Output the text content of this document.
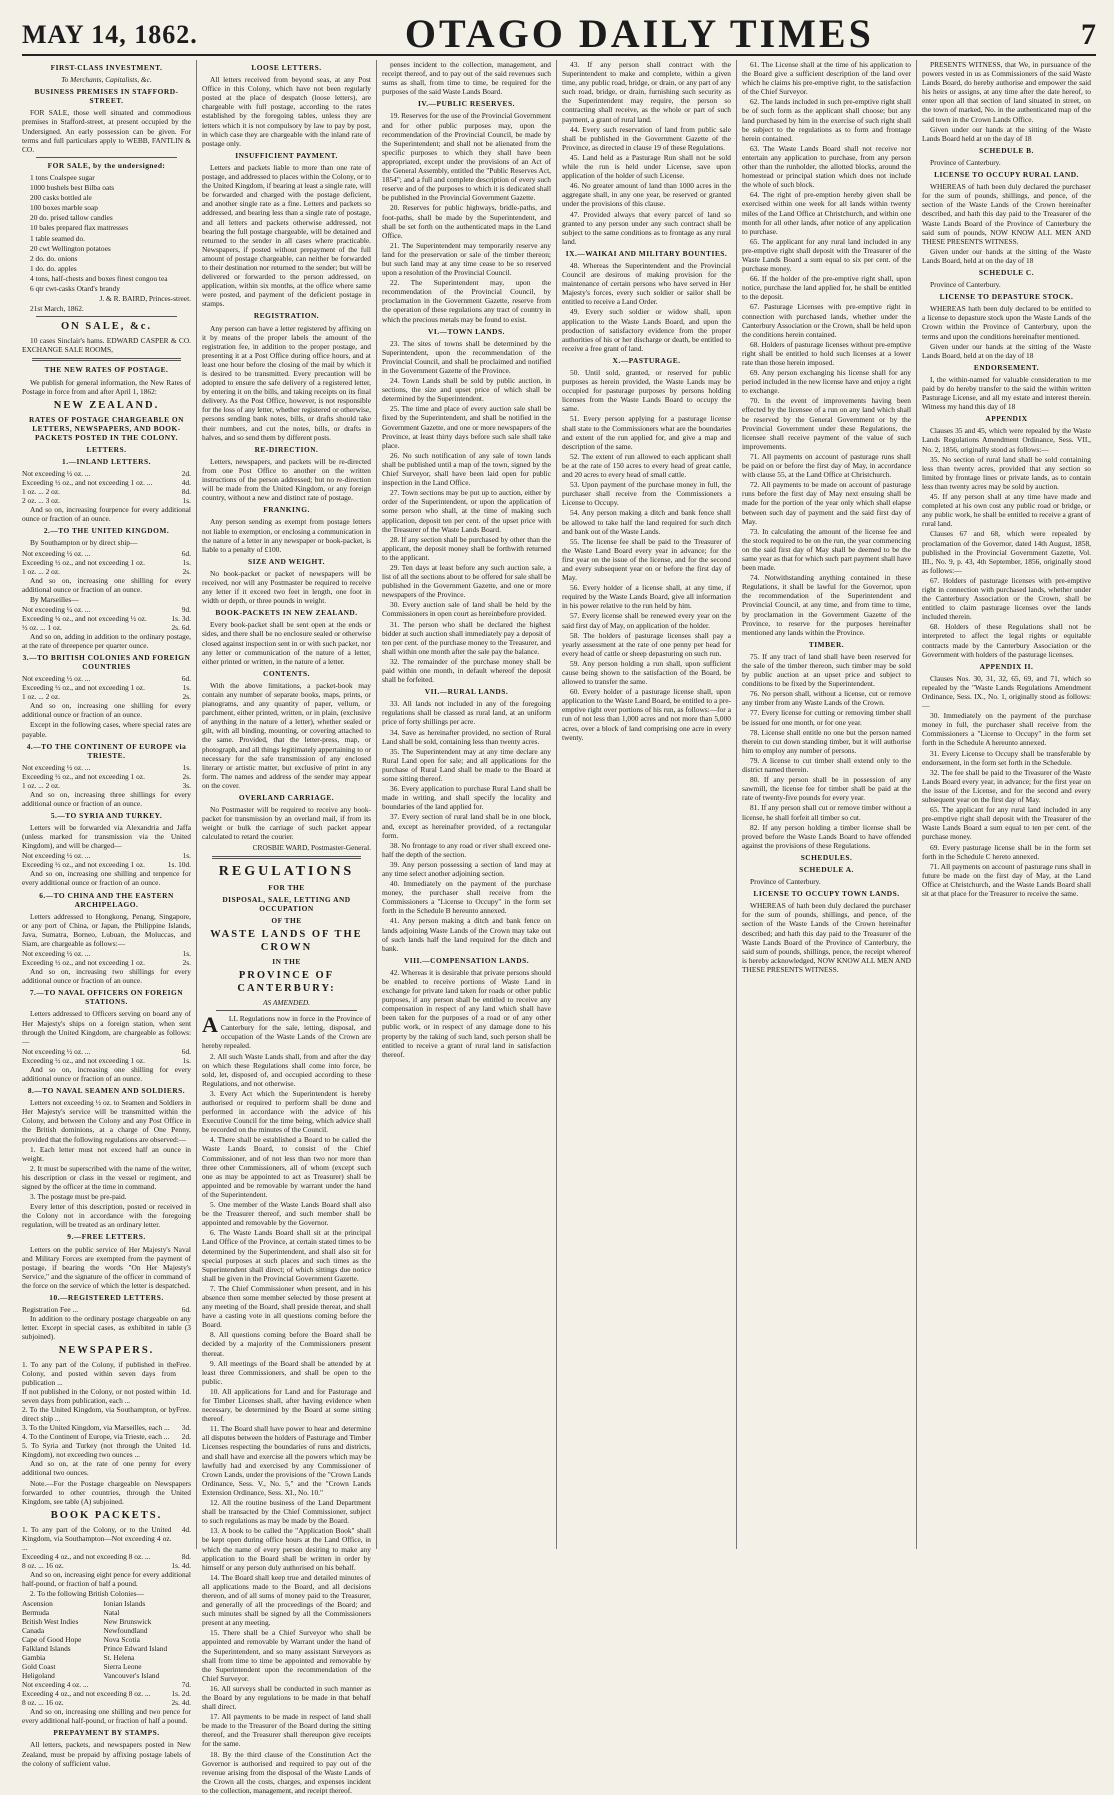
MAY 14, 1862.	OTAGO DAILY TIMES	7

FIRST-CLASS INVESTMENT.

To Merchants, Capitalists, &c.

BUSINESS PREMISES IN STAFFORD-STREET.

FOR SALE, those well situated and commodious premises in Stafford-street, at present occupied by the Undersigned. An early possession can be given. For terms and full particulars apply to WEBB, FANTLIN & CO.

FOR SALE, by the undersigned:

1 tons Coalspee sugar

1000 bushels best Bilba oats

200 casks bottled ale

100 boxes marble soap

20 do. prised tallow candles

10 bales prepared flax mattresses

1 table seamed do.

20 cwt Wellington potatoes

2 do. do. onions

1 do. do. apples

4 tons, half-chests and boxes finest congou tea

6 qtr cwt-casks Otard's brandy

J. & R. BAIRD, Princes-street.

21st March, 1862.

ON SALE, &c.

10 cases Sinclair's hams. EDWARD CASPER & CO. EXCHANGE SALE ROOMS,

THE NEW RATES OF POSTAGE.

We publish for general information, the New Rates of Postage in force from and after April 1, 1862:

NEW ZEALAND.

RATES OF POSTAGE CHARGEABLE ON LETTERS, NEWSPAPERS, AND BOOK-PACKETS POSTED IN THE COLONY.

LETTERS.

1.—INLAND LETTERS.

Not exceeding ½ oz. ...	2d.
Exceeding ½ oz., and not exceeding 1 oz. ...	4d.
1 oz. ... 2 oz.	8d.
2 oz. ... 3 oz.	1s.

And so on, increasing fourpence for every additional ounce or fraction of an ounce.

2.—TO THE UNITED KINGDOM.

By Southampton or by direct ship—

Not exceeding ½ oz. ...	6d.
Exceeding ½ oz., and not exceeding 1 oz.	1s.
1 oz. ... 2 oz.	2s.

And so on, increasing one shilling for every additional ounce or fraction of an ounce.

By Marseilles—

Not exceeding ¼ oz. ...	9d.
Exceeding ¼ oz., and not exceeding ½ oz.	1s. 3d.
½ oz. ... 1 oz.	2s. 6d.

And so on, adding in addition to the ordinary postage, at the rate of threepence per quarter ounce.

3.—TO BRITISH COLONIES AND FOREIGN COUNTRIES

Not exceeding ½ oz. ...	6d.
Exceeding ½ oz., and not exceeding 1 oz.	1s.
1 oz. ... 2 oz.	2s.

And so on, increasing one shilling for every additional ounce or fraction of an ounce.

Except in the following cases, where special rates are payable.

4.—TO THE CONTINENT OF EUROPE via TRIESTE.

Not exceeding ½ oz. ...	1s.
Exceeding ½ oz., and not exceeding 1 oz.	2s.
1 oz. ... 2 oz.	3s.

And so on, increasing three shillings for every additional ounce or fraction of an ounce.

5.—TO SYRIA AND TURKEY.

Letters will be forwarded via Alexandria and Jaffa (unless marked for transmission via the United Kingdom), and will be charged—

Not exceeding ½ oz. ...	1s.
Exceeding ½ oz., and not exceeding 1 oz.	1s. 10d.

And so on, increasing one shilling and tenpence for every additional ounce or fraction of an ounce.

6.—TO CHINA AND THE EASTERN ARCHIPELAGO.

Letters addressed to Hongkong, Penang, Singapore, or any port of China, or Japan, the Philippine Islands, Java, Sumatra, Borneo, Lubuan, the Moluccas, and Siam, are chargeable as follows:—

Not exceeding ½ oz. ...	1s.
Exceeding ½ oz., and not exceeding 1 oz.	2s.

And so on, increasing two shillings for every additional ounce or fraction of an ounce.

7.—TO NAVAL OFFICERS ON FOREIGN STATIONS.

Letters addressed to Officers serving on board any of Her Majesty's ships on a foreign station, when sent through the United Kingdom, are chargeable as follows:—

Not exceeding ½ oz. ...	6d.
Exceeding ½ oz., and not exceeding 1 oz.	1s.

And so on, increasing one shilling for every additional ounce or fraction of an ounce.

8.—TO NAVAL SEAMEN AND SOLDIERS.

Letters not exceeding ½ oz. to Seamen and Soldiers in Her Majesty's service will be transmitted within the Colony, and between the Colony and any Post Office in the British dominions, at a charge of One Penny, provided that the following regulations are observed:—

1. Each letter must not exceed half an ounce in weight.

2. It must be superscribed with the name of the writer, his description or class in the vessel or regiment, and signed by the officer at the time in command.

3. The postage must be pre-paid.

Every letter of this description, posted or received in the Colony not in accordance with the foregoing regulation, will be treated as an ordinary letter.

9.—FREE LETTERS.

Letters on the public service of Her Majesty's Naval and Military Forces are exempted from the payment of postage, if bearing the words "On Her Majesty's Service," and the signature of the officer in command of the force on the service of which the letter is despatched.

10.—REGISTERED LETTERS.

Registration Fee ...	6d.

In addition to the ordinary postage chargeable on any letter. Except in special cases, as exhibited in table (3 subjoined).

NEWSPAPERS.

1. To any part of the Colony, if published in the Colony, and posted within seven days from publication ...	Free.
If not published in the Colony, or not posted within seven days from publication, each ...	1d.
2. To the United Kingdom, via Southampton, or by direct ship ...	Free.
3. To the United Kingdom, via Marseilles, each ...	3d.
4. To the Continent of Europe, via Trieste, each ...	2d.
5. To Syria and Turkey (not through the United Kingdom), not exceeding two ounces ...	1d.

And so on, at the rate of one penny for every additional two ounces.

Note.—For the Postage chargeable on Newspapers forwarded to other countries, through the United Kingdom, see table (A) subjoined.

BOOK PACKETS.

1. To any part of the Colony, or to the United Kingdom, via Southampton—Not exceeding 4 oz. ...	4d.
Exceeding 4 oz., and not exceeding 8 oz. ...	8d.
8 oz. ... 16 oz.	1s. 4d.

And so on, increasing eight pence for every additional half-pound, or fraction of half a pound.

2. To the following British Colonies—

Ascension	Ionian Islands
Bermuda	Natal
British West Indies	New Brunswick
Canada	Newfoundland
Cape of Good Hope	Nova Scotia
Falkland Islands	Prince Edward Island
Gambia	St. Helena
Gold Coast	Sierra Leone
Heligoland	Vancouver's Island
Not exceeding 4 oz. ...	7d.
Exceeding 4 oz., and not exceeding 8 oz. ...	1s. 2d.
8 oz. ... 16 oz.	2s. 4d.

And so on, increasing one shilling and two pence for every additional half-pound, or fraction of half a pound.

PREPAYMENT BY STAMPS.

All letters, packets, and newspapers posted in New Zealand, must be prepaid by affixing postage labels of the colony of sufficient value.

LOOSE LETTERS.

All letters received from beyond seas, at any Post Office in this Colony, which have not been regularly posted at the place of despatch (loose letters), are chargeable with full postage, according to the rates established by the foregoing tables, unless they are letters which it is not compulsory by law to pay by post, in which case they are chargeable with the inland rate of postage only.

INSUFFICIENT PAYMENT.

Letters and packets liable to more than one rate of postage, and addressed to places within the Colony, or to the United Kingdom, if bearing at least a single rate, will be forwarded and charged with the postage deficient, and another single rate as a fine. Letters and packets so addressed, and bearing less than a single rate of postage, and all letters and packets otherwise addressed, not bearing the full postage chargeable, will be detained and returned to the sender in all cases where practicable. Newspapers, if posted without prepayment of the full amount of postage chargeable, can neither be forwarded to their destination nor returned to the sender; but will be delivered or forwarded to the person addressed, on application, within six months, at the office where same were posted, and payment of the deficient postage in stamps.

REGISTRATION.

Any person can have a letter registered by affixing on it by means of the proper labels the amount of the registration fee, in addition to the proper postage, and presenting it at a Post Office during office hours, and at least one hour before the closing of the mail by which it is desired to be transmitted. Every precaution will be adopted to ensure the safe delivery of a registered letter, by entering it on the bills, and taking receipts on its final delivery. As the Post Office, however, is not responsible for the loss of any letter, whether registered or otherwise, persons sending bank notes, bills, or drafts should take their numbers, and cut the notes, bills, or drafts in halves, and so send them by different posts.

RE-DIRECTION.

Letters, newspapers, and packets will be re-directed from one Post Office to another on the written instructions of the person addressed; but no re-direction will be made from the United Kingdom, or any foreign country, without a new and distinct rate of postage.

FRANKING.

Any person sending as exempt from postage letters not liable to exemption, or enclosing a communication in the nature of a letter in any newspaper or book-packet, is liable to a penalty of £100.

SIZE AND WEIGHT.

No book-packet or packet of newspapers will be received, nor will any Postmaster be required to receive any letter if it exceed two feet in length, one foot in width or depth, or three pounds in weight.

BOOK-PACKETS IN NEW ZEALAND.

Every book-packet shall be sent open at the ends or sides, and there shall be no enclosure sealed or otherwise closed against inspection sent in or with such packet, nor any letter or communication of the nature of a letter, either printed or written, in the nature of a letter.

CONTENTS.

With the above limitations, a packet-book may contain any number of separate books, maps, prints, or pianograms, and any quantity of paper, vellum, or parchment, either printed, written, or in plain, (exclusive of anything in the nature of a letter), whether sealed or gilt, with all binding, mounting, or covering attached to the same. Provided, that the letter-press, map, or photograph, and all things legitimately appertaining to or necessary for the safe transmission of any enclosed literary or artistic matter, but exclusive of print in any form. The names and address of the sender may appear on the cover.

OVERLAND CARRIAGE.

No Postmaster will be required to receive any book-packet for transmission by an overland mail, if from its weight or bulk the carriage of such packet appear calculated to retard the courier.

CROSBIE WARD, Postmaster-General.

REGULATIONS

FOR THE

DISPOSAL, SALE, LETTING AND OCCUPATION

OF THE

WASTE LANDS OF THE CROWN

IN THE

PROVINCE OF CANTERBURY:

AS AMENDED.

A	LL Regulations now in force in the Province of Canterbury for the sale, letting, disposal, and occupation of the Waste Lands of the Crown are hereby repealed.

2. All such Waste Lands shall, from and after the day on which these Regulations shall come into force, be sold, let, disposed of, and occupied according to these Regulations, and not otherwise.

3. Every Act which the Superintendent is hereby authorised or required to perform shall be done and performed in accordance with the advice of his Executive Council for the time being, which advice shall be recorded on the minutes of the Council.

4. There shall be established a Board to be called the Waste Lands Board, to consist of the Chief Commissioner, and of not less than two nor more than three other Commissioners, all of whom (except such one as may be appointed to act as Treasurer) shall be appointed and be removable by warrant under the hand of the Superintendent.

5. One member of the Waste Lands Board shall also be the Treasurer thereof, and such member shall be appointed and removable by the Governor.

6. The Waste Lands Board shall sit at the principal Land Office of the Province, at certain stated times to be determined by the Superintendent, and shall also sit for special purposes at such places and such times as the Superintendent shall direct; of which sittings due notice shall be given in the Provincial Government Gazette.

7. The Chief Commissioner when present, and in his absence then some member selected by those present at any meeting of the Board, shall preside thereat, and shall have a casting vote in all questions coming before the Board.

8. All questions coming before the Board shall be decided by a majority of the Commissioners present thereat.

9. All meetings of the Board shall be attended by at least three Commissioners, and shall be open to the public.

10. All applications for Land and for Pasturage and for Timber Licenses shall, after having evidence when necessary, be determined by the Board at some sitting thereof.

11. The Board shall have power to hear and determine all disputes between the holders of Pasturage and Timber Licenses respecting the boundaries of runs and districts, and shall have and exercise all the powers which may be lawfully had and exercised by any Commissioner of Crown Lands, under the provisions of the "Crown Lands Ordinance, Sess. V., No. 5," and the "Crown Lands Extension Ordinance, Sess. XI., No. 10."

12. All the routine business of the Land Department shall be transacted by the Chief Commissioner, subject to such regulations as may be made by the Board.

13. A book to be called the "Application Book" shall be kept open during office hours at the Land Office, in which the name of every person desiring to make any application to the Board shall be written in order by himself or any person duly authorised on his behalf.

14. The Board shall keep true and detailed minutes of all applications made to the Board, and all decisions thereon, and of all sums of money paid to the Treasurer, and generally of all the proceedings of the Board; and such minutes shall be signed by all the Commissioners present at any meeting.

15. There shall be a Chief Surveyor who shall be appointed and removable by Warrant under the hand of the Superintendent, and so many assistant Surveyors as shall from time to time be appointed and removable by the Superintendent upon the recommendation of the Chief Surveyor.

16. All surveys shall be conducted in such manner as the Board by any regulations to be made in that behalf shall direct.

17. All payments to be made in respect of land shall be made to the Treasurer of the Board during the sitting thereof, and the Treasurer shall thereupon give receipts for the same.

18. By the third clause of the Constitution Act the Governor is authorised and required to pay out of the revenue arising from the disposal of the Waste Lands of the Crown all the costs, charges, and expenses incident to the collection, management, and receipt thereof.

penses incident to the collection, management, and receipt thereof, and to pay out of the said revenues such sums as shall, from time to time, be required for the purposes of the said Waste Lands Board.

IV.—PUBLIC RESERVES.

19. Reserves for the use of the Provincial Government and for other public purposes may, upon the recommendation of the Provincial Council, be made by the Superintendent; and shall not be alienated from the specific purposes to which they shall have been appropriated, except under the provisions of an Act of the General Assembly, entitled the "Public Reserves Act, 1854"; and a full and complete description of every such reserve and of the purposes to which it is dedicated shall be published in the Provincial Government Gazette.

20. Reserves for public highways, bridle-paths, and foot-paths, shall be made by the Superintendent, and shall be set forth on the authenticated maps in the Land Office.

21. The Superintendent may temporarily reserve any land for the preservation or sale of the timber thereon; but such land may at any time cease to be so reserved upon a resolution of the Provincial Council.

22. The Superintendent may, upon the recommendation of the Provincial Council, by proclamation in the Government Gazette, reserve from the operation of these regulations any tract of country in which the precious metals may be found to exist.

VI.—TOWN LANDS.

23. The sites of towns shall be determined by the Superintendent, upon the recommendation of the Provincial Council, and shall be proclaimed and notified in the Government Gazette of the Province.

24. Town Lands shall be sold by public auction, in sections, the size and upset price of which shall be determined by the Superintendent.

25. The time and place of every auction sale shall be fixed by the Superintendent, and shall be notified in the Government Gazette, and one or more newspapers of the Province, at least thirty days before such sale shall take place.

26. No such notification of any sale of town lands shall be published until a map of the town, signed by the Chief Surveyor, shall have been laid open for public inspection in the Land Office.

27. Town sections may be put up to auction, either by order of the Superintendent, or upon the application of some person who shall, at the time of making such application, deposit ten per cent. of the upset price with the Treasurer of the Waste Lands Board.

28. If any section shall be purchased by other than the applicant, the deposit money shall be forthwith returned to the applicant.

29. Ten days at least before any such auction sale, a list of all the sections about to be offered for sale shall be published in the Government Gazette, and one or more newspapers of the Province.

30. Every auction sale of land shall be held by the Commissioners in open court as hereinbefore provided.

31. The person who shall be declared the highest bidder at such auction shall immediately pay a deposit of ten per cent. of the purchase money to the Treasurer, and shall within one month after the sale pay the balance.

32. The remainder of the purchase money shall be paid within one month, in default whereof the deposit shall be forfeited.

VII.—RURAL LANDS.

33. All lands not included in any of the foregoing regulations shall be classed as rural land, at an uniform price of forty shillings per acre.

34. Save as hereinafter provided, no section of Rural Land shall be sold, containing less than twenty acres.

35. The Superintendent may at any time declare any Rural Land open for sale; and all applications for the purchase of Rural Land shall be made to the Board at some sitting thereof.

36. Every application to purchase Rural Land shall be made in writing, and shall specify the locality and boundaries of the land applied for.

37. Every section of rural land shall be in one block, and, except as hereinafter provided, of a rectangular form.

38. No frontage to any road or river shall exceed one-half the depth of the section.

39. Any person possessing a section of land may at any time select another adjoining section.

40. Immediately on the payment of the purchase money, the purchaser shall receive from the Commissioners a "License to Occupy" in the form set forth in the Schedule B hereunto annexed.

41. Any person making a ditch and bank fence on lands adjoining Waste Lands of the Crown may take out of such lands half the land required for the ditch and bank.

VIII.—COMPENSATION LANDS.

42. Whereas it is desirable that private persons should be enabled to receive portions of Waste Land in exchange for private land taken for roads or other public purposes, if any person shall be entitled to receive any compensation in respect of any land which shall have been taken for the purposes of a road or of any other public work, or in respect of any damage done to his property by the taking of such land, such person shall be entitled to receive a grant of rural land in satisfaction thereof.

43. If any person shall contract with the Superintendent to make and complete, within a given time, any public road, bridge, or drain, or any part of any such road, bridge, or drain, furnishing such security as the Superintendent may require, the person so contracting shall receive, as the whole or part of such payment, a grant of rural land.

44. Every such reservation of land from public sale shall be published in the Government Gazette of the Province, as directed in clause 19 of these Regulations.

45. Land held as a Pasturage Run shall not be sold while the run is held under License, save upon application of the holder of such License.

46. No greater amount of land than 1000 acres in the aggregate shall, in any one year, be reserved or granted under the provisions of this clause.

47. Provided always that every parcel of land so granted to any person under any such contract shall be subject to the same conditions as to frontage as any rural land.

IX.—WAIKAI AND MILITARY BOUNTIES.

48. Whereas the Superintendent and the Provincial Council are desirous of making provision for the maintenance of certain persons who have served in Her Majesty's forces, every such soldier or sailor shall be entitled to receive a Land Order.

49. Every such soldier or widow shall, upon application to the Waste Lands Board, and upon the production of satisfactory evidence from the proper authorities of his or her discharge or death, be entitled to receive a free grant of land.

X.—PASTURAGE.

50. Until sold, granted, or reserved for public purposes as herein provided, the Waste Lands may be occupied for pasturage purposes by persons holding licenses from the Waste Lands Board to occupy the same.

51. Every person applying for a pasturage license shall state to the Commissioners what are the boundaries and extent of the run applied for, and give a map and description of the same.

52. The extent of run allowed to each applicant shall be at the rate of 150 acres to every head of great cattle, and 20 acres to every head of small cattle.

53. Upon payment of the purchase money in full, the purchaser shall receive from the Commissioners a License to Occupy.

54. Any person making a ditch and bank fence shall be allowed to take half the land required for such ditch and bank out of the Waste Lands.

55. The license fee shall be paid to the Treasurer of the Waste Land Board every year in advance; for the first year on the issue of the license, and for the second and every subsequent year on or before the first day of May.

56. Every holder of a license shall, at any time, if required by the Waste Lands Board, give all information in his power relative to the run held by him.

57. Every license shall be renewed every year on the said first day of May, on application of the holder.

58. The holders of pasturage licenses shall pay a yearly assessment at the rate of one penny per head for every head of cattle or sheep depasturing on such run.

59. Any person holding a run shall, upon sufficient cause being shown to the satisfaction of the Board, be allowed to transfer the same.

60. Every holder of a pasturage license shall, upon application to the Waste Land Board, be entitled to a pre-emptive right over portions of his run, as follows:—for a run of not less than 1,000 acres and not more than 5,000 acres, over a block of land comprising one acre in every twenty.

61. The License shall at the time of his application to the Board give a sufficient description of the land over which he claims his pre-emptive right, to the satisfaction of the Chief Surveyor.

62. The lands included in such pre-emptive right shall be of such form as the applicant shall choose; but any land purchased by him in the exercise of such right shall be subject to the regulations as to form and frontage herein contained.

63. The Waste Lands Board shall not receive nor entertain any application to purchase, from any person other than the runholder, the allotted blocks, around the homestead or principal station which does not include the whole of such block.

64. The right of pre-emption hereby given shall be exercised within one week for all lands within twenty miles of the Land Office at Christchurch, and within one month for all other lands, after notice of any application to purchase.

65. The applicant for any rural land included in any pre-emptive right shall deposit with the Treasurer of the Waste Lands Board a sum equal to six per cent. of the purchase money.

66. If the holder of the pre-emptive right shall, upon notice, purchase the land applied for, he shall be entitled to the deposit.

67. Pasturage Licenses with pre-emptive right in connection with purchased lands, whether under the Canterbury Association or the Crown, shall be held upon the conditions herein contained.

68. Holders of pasturage licenses without pre-emptive right shall be entitled to hold such licenses at a lower rate than those herein imposed.

69. Any person exchanging his license shall for any period included in the new license have and enjoy a right to exchange.

70. In the event of improvements having been effected by the licensee of a run on any land which shall be reserved by the General Government or by the Provincial Government under these Regulations, the licensee shall receive payment of the value of such improvements.

71. All payments on account of pasturage runs shall be paid on or before the first day of May, in accordance with clause 55, at the Land Office at Christchurch.

72. All payments to be made on account of pasturage runs before the first day of May next ensuing shall be made for the portion of the year only which shall elapse between such day of payment and the said first day of May.

73. In calculating the amount of the license fee and the stock required to be on the run, the year commencing on the said first day of May shall be deemed to be the same year as that for which such part payment shall have been made.

74. Notwithstanding anything contained in these Regulations, it shall be lawful for the Governor, upon the recommendation of the Superintendent and Provincial Council, at any time, and from time to time, by proclamation in the Government Gazette of the Province, to reserve for the purposes hereinafter mentioned any lands within the Province.

TIMBER.

75. If any tract of land shall have been reserved for the sale of the timber thereon, such timber may be sold by public auction at an upset price and subject to conditions to be fixed by the Superintendent.

76. No person shall, without a license, cut or remove any timber from any Waste Lands of the Crown.

77. Every license for cutting or removing timber shall be issued for one month, or for one year.

78. License shall entitle no one but the person named therein to cut down standing timber, but it will authorise him to employ any number of persons.

79. A license to cut timber shall extend only to the district named therein.

80. If any person shall be in possession of any sawmill, the license fee for timber shall be paid at the rate of twenty-five pounds for every year.

81. If any person shall cut or remove timber without a license, he shall forfeit all timber so cut.

82. If any person holding a timber license shall be proved before the Waste Lands Board to have offended against the provisions of these Regulations.

SCHEDULES.

SCHEDULE A.

Province of Canterbury.

LICENSE TO OCCUPY TOWN LANDS.

WHEREAS of hath been duly declared the purchaser for the sum of pounds, shillings, and pence, of the section of the Waste Lands of the Crown hereinafter described; and hath this day paid to the Treasurer of the Waste Lands Board of the Province of Canterbury, the said sum of pounds, shillings, pence, the receipt whereof is hereby acknowledged, NOW KNOW ALL MEN AND THESE PRESENTS WITNESS.

PRESENTS WITNESS, that We, in pursuance of the powers vested in us as Commissioners of the said Waste Lands Board, do hereby authorise and empower the said his heirs or assigns, at any time after the date hereof, to enter upon all that section of land situated in street, on the town of marked, No. in the authenticated map of the said town in the Crown Lands Office.

Given under our hands at the sitting of the Waste Lands Board held at on the day of 18

SCHEDULE B.

Province of Canterbury.

LICENSE TO OCCUPY RURAL LAND.

WHEREAS of hath been duly declared the purchaser for the sum of pounds, shillings, and pence, of the section of the Waste Lands of the Crown hereinafter described, and hath this day paid to the Treasurer of the Waste Lands Board of the Province of Canterbury the said sum of pounds, NOW KNOW ALL MEN AND THESE PRESENTS WITNESS.

Given under our hands at the sitting of the Waste Lands Board, held at on the day of 18

SCHEDULE C.

Province of Canterbury.

LICENSE TO DEPASTURE STOCK.

WHEREAS hath been duly declared to be entitled to a license to depasture stock upon the Waste Lands of the Crown within the Province of Canterbury, upon the terms and upon the conditions hereinafter mentioned.

Given under our hands at the sitting of the Waste Lands Board, held at on the day of 18

ENDORSEMENT.

I, the within-named for valuable consideration to me paid by do hereby transfer to the said the within written Pasturage License, and all my estate and interest therein. Witness my hand this day of 18

APPENDIX

Clauses 35 and 45, which were repealed by the Waste Lands Regulations Amendment Ordinance, Sess. VII., No. 2, 1856, originally stood as follows:—

35. No section of rural land shall be sold containing less than twenty acres, provided that any section so limited by frontage lines or private lands, as to contain less than twenty acres may be sold by auction.

45. If any person shall at any time have made and completed at his own cost any public road or bridge, or any public work, he shall be entitled to receive a grant of rural land.

Clauses 67 and 68, which were repealed by proclamation of the Governor, dated 14th August, 1858, published in the Provincial Government Gazette, Vol. III., No. 9, p. 43, 4th September, 1856, originally stood as follows:—

67. Holders of pasturage licenses with pre-emptive right in connection with purchased lands, whether under the Canterbury Association or the Crown, shall be entitled to claim pasturage licenses over the lands included therein.

68. Holders of these Regulations shall not be interpreted to affect the legal rights or equitable contracts made by the Canterbury Association or the Government with holders of the pasturage licenses.

APPENDIX II.

Clauses Nos. 30, 31, 32, 65, 69, and 71, which so repealed by the "Waste Lands Regulations Amendment Ordinance, Sess. IX., No. 1, originally stood as follows:—

30. Immediately on the payment of the purchase money in full, the purchaser shall receive from the Commissioners a "License to Occupy" in the form set forth in the Schedule A hereunto annexed.

31. Every License to Occupy shall be transferable by endorsement, in the form set forth in the Schedule.

32. The fee shall be paid to the Treasurer of the Waste Lands Board every year, in advance; for the first year on the issue of the License, and for the second and every subsequent year on the first day of May.

65. The applicant for any rural land included in any pre-emptive right shall deposit with the Treasurer of the Waste Lands Board a sum equal to ten per cent. of the purchase money.

69. Every pasturage license shall be in the form set forth in the Schedule C hereto annexed.

71. All payments on account of pasturage runs shall in future be made on the first day of May, at the Land Office at Christchurch, and the Waste Lands Board shall sit at that place for the Treasurer to receive the same.
